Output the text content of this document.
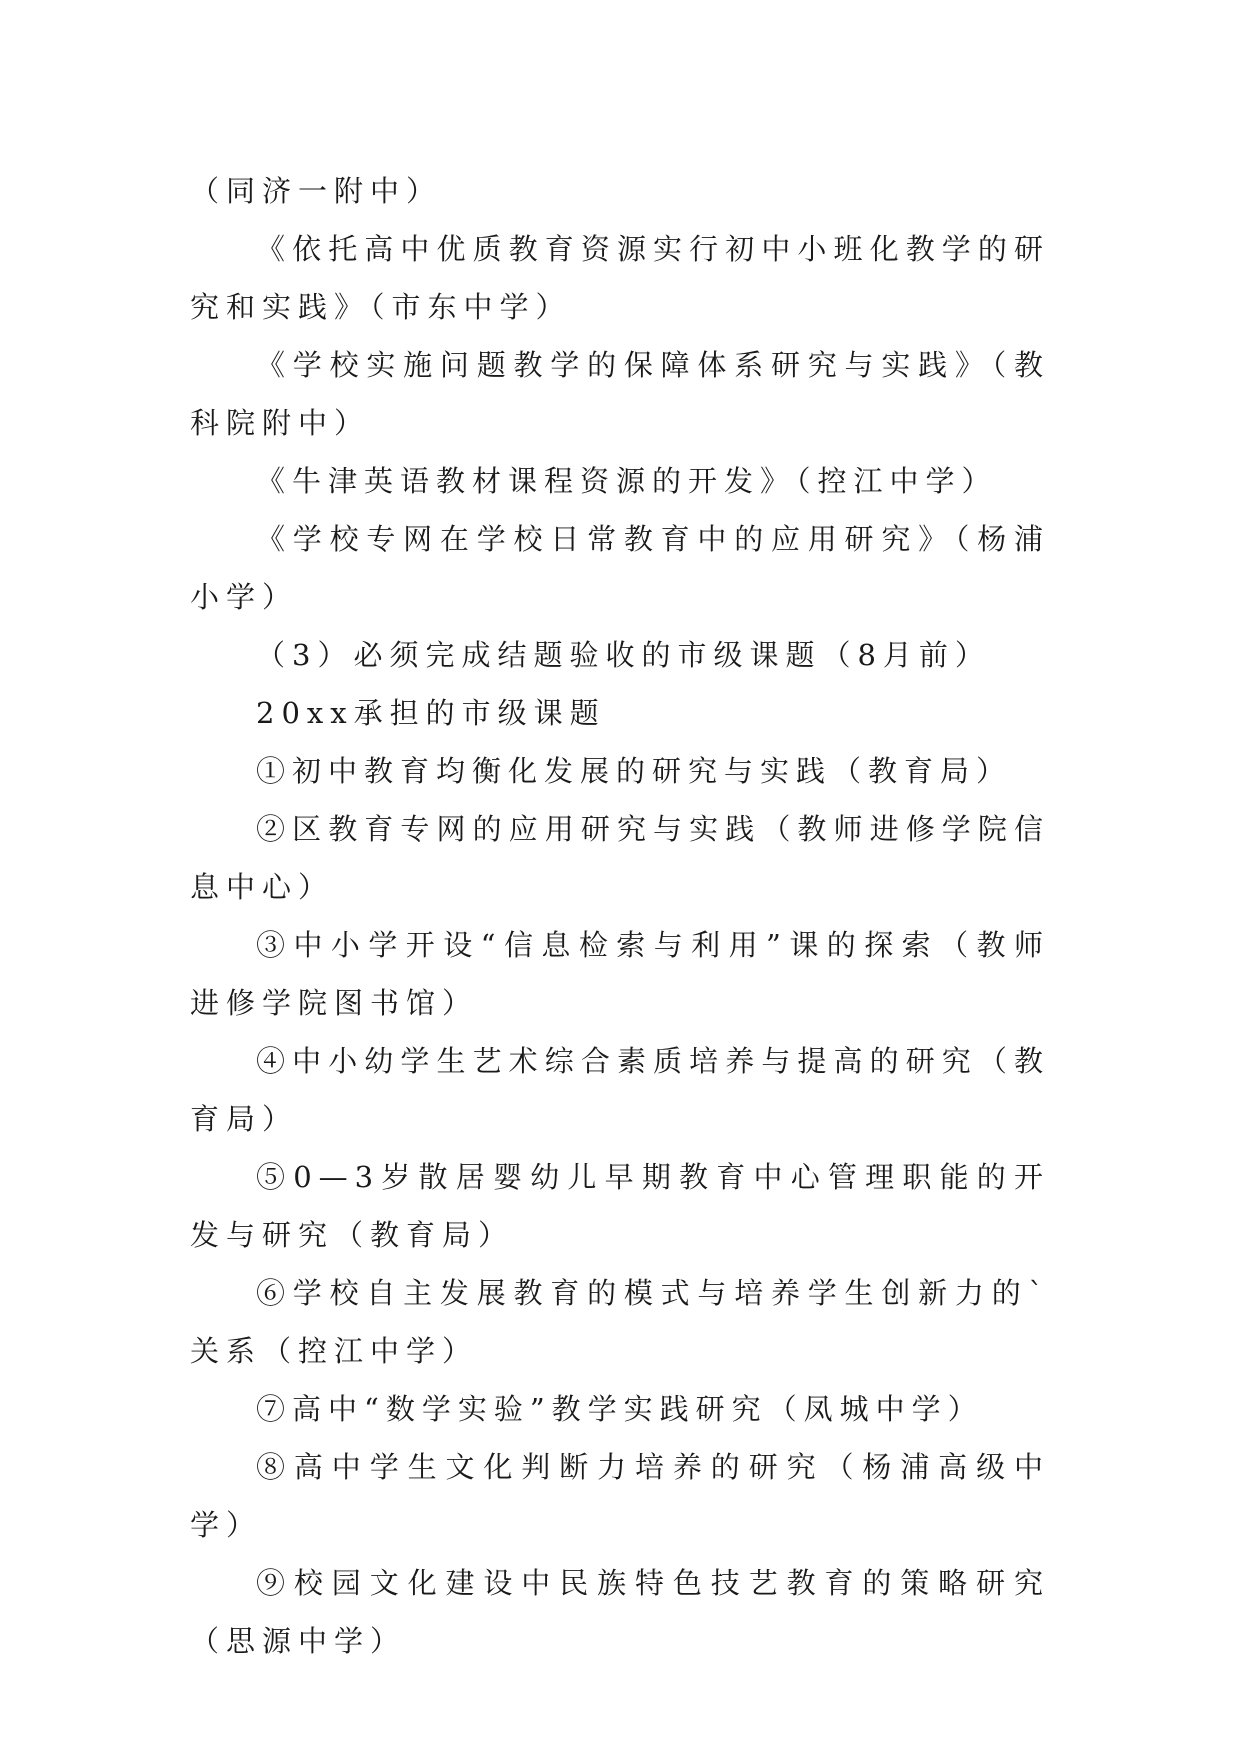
（同济一附中）

《依托高中优质教育资源实行初中小班化教学的研究和实践》（市东中学）

《学校实施问题教学的保障体系研究与实践》（教科院附中）

《牛津英语教材课程资源的开发》（控江中学）

《学校专网在学校日常教育中的应用研究》（杨浦小学）

（3）必须完成结题验收的市级课题（8月前）

20xx承担的市级课题

①初中教育均衡化发展的研究与实践（教育局）

②区教育专网的应用研究与实践（教师进修学院信息中心）

③中小学开设“信息检索与利用”课的探索（教师进修学院图书馆）

④中小幼学生艺术综合素质培养与提高的研究（教育局）

⑤0—3岁散居婴幼儿早期教育中心管理职能的开发与研究（教育局）

⑥学校自主发展教育的模式与培养学生创新力的`关系（控江中学）

⑦高中“数学实验”教学实践研究（凤城中学）

⑧高中学生文化判断力培养的研究（杨浦高级中学）

⑨校园文化建设中民族特色技艺教育的策略研究（思源中学）
